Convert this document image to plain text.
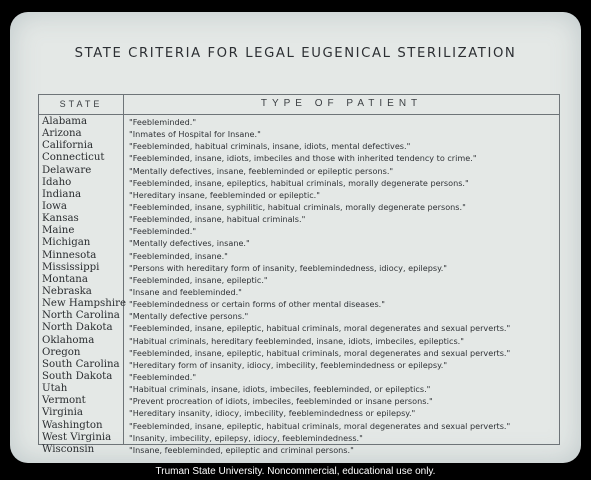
STATE CRITERIA FOR LEGAL EUGENICAL STERILIZATION
STATE	TYPE OF PATIENT
Alabama	"Feebleminded."
Arizona	"Inmates of Hospital for Insane."
California	"Feebleminded, habitual criminals, insane, idiots, mental defectives."
Connecticut	"Feebleminded, insane, idiots, imbeciles and those with inherited tendency to crime."
Delaware	"Mentally defectives, insane, feebleminded or epileptic persons."
Idaho	"Feebleminded, insane, epileptics, habitual criminals, morally degenerate persons."
Indiana	"Hereditary insane, feebleminded or epileptic."
Iowa	"Feebleminded, insane, syphilitic, habitual criminals, morally degenerate persons."
Kansas	"Feebleminded, insane, habitual criminals."
Maine	"Feebleminded."
Michigan	"Mentally defectives, insane."
Minnesota	"Feebleminded, insane."
Mississippi	"Persons with hereditary form of insanity, feeblemindedness, idiocy, epilepsy."
Montana	"Feebleminded, insane, epileptic."
Nebraska	"Insane and feebleminded."
New Hampshire "Feeblemindedness or certain forms of other mental diseases."
North Carolina	"Mentally defective persons."
North Dakota	"Feebleminded, insane, epileptic, habitual criminals, moral degenerates and sexual perverts."
Oklahoma	"Habitual criminals, hereditary feebleminded, insane, idiots, imbeciles, epileptics."
Oregon	"Feebleminded, insane, epileptic, habitual criminals, moral degenerates and sexual perverts."
South Carolina	"Hereditary form of insanity, idiocy, imbecility, feeblemindedness or epilepsy."
South Dakota	"Feebleminded."
Utah	"Habitual criminals, insane, idiots, imbeciles, feebleminded, or epileptics."
Vermont	"Prevent procreation of idiots, imbeciles, feebleminded or insane persons."
Virginia	"Hereditary insanity, idiocy, imbecility, feeblemindedness or epilepsy."
Washington	"Feebleminded, insane, epileptic, habitual criminals, moral degenerates and sexual perverts."
West Virginia	"Insanity, imbecility, epilepsy, idiocy, feeblemindedness."
Wisconsin	"Insane, feebleminded, epileptic and criminal persons."
Truman State University. Noncommercial, educational use only.
